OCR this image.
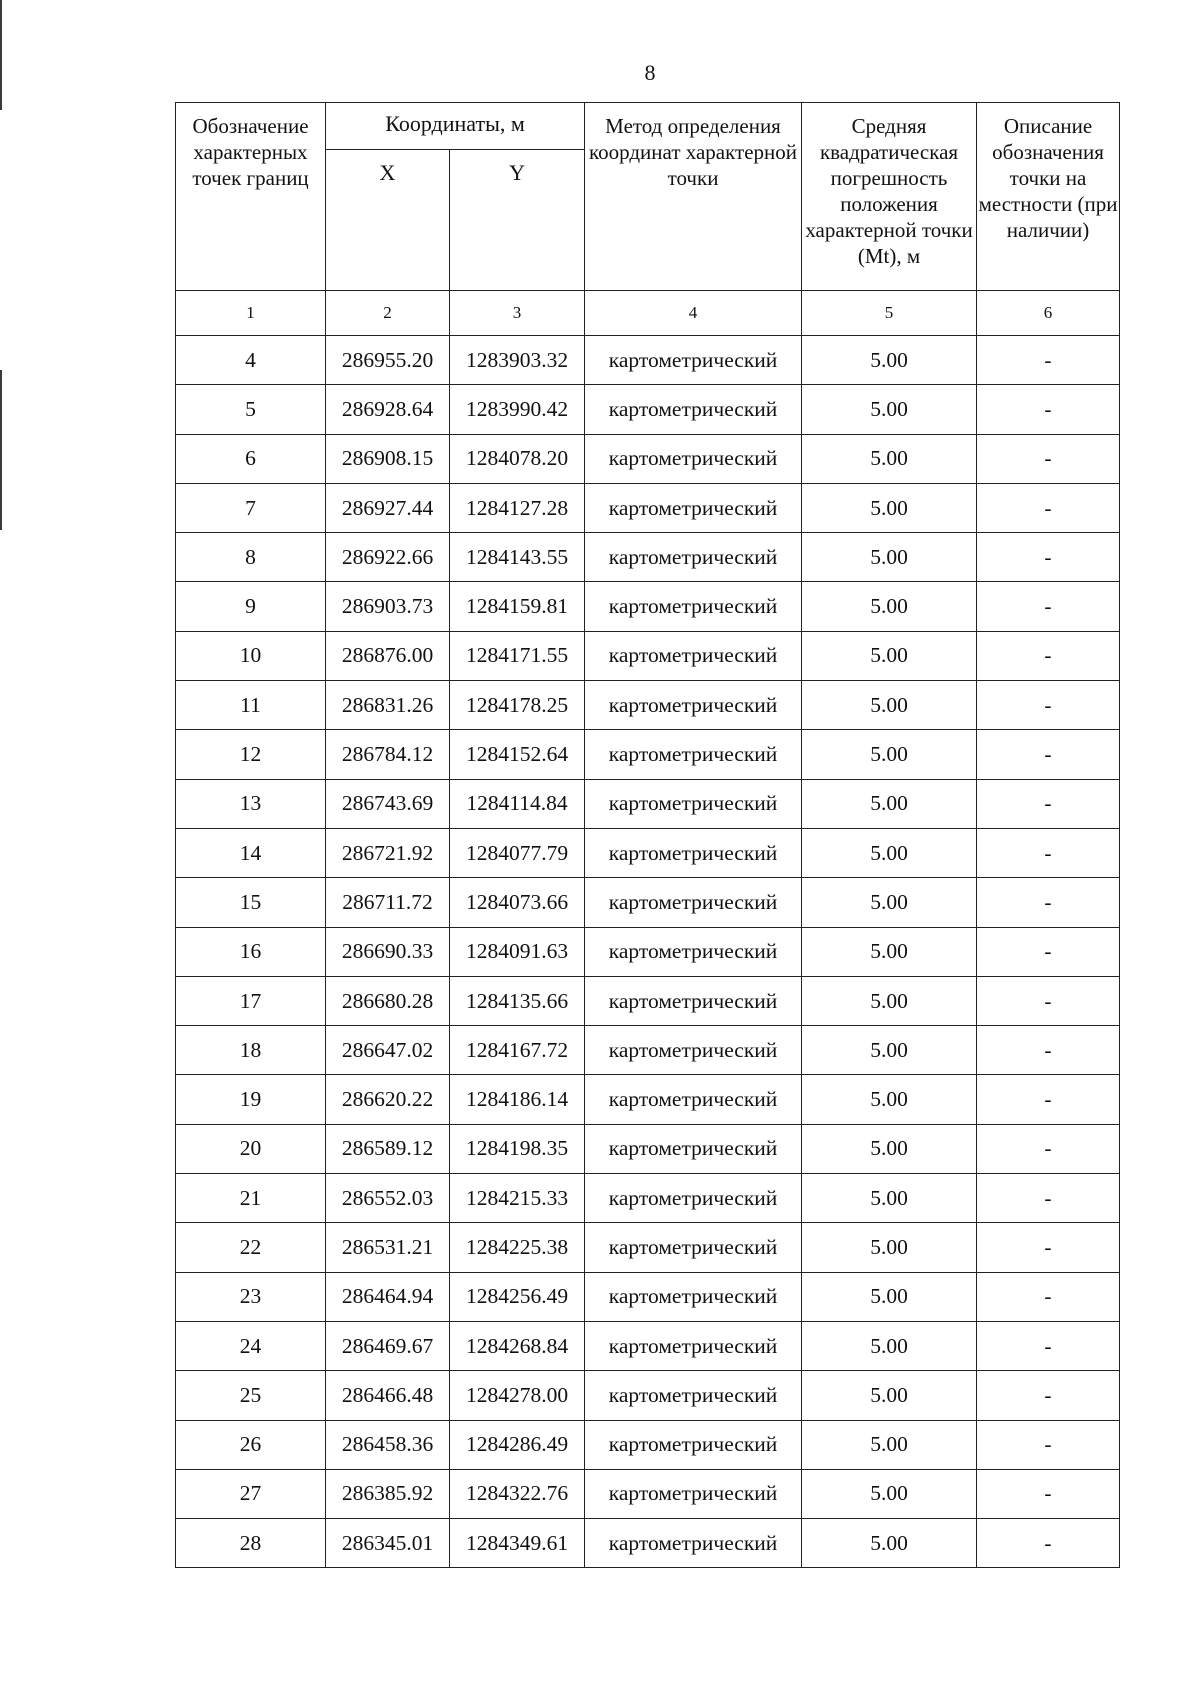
8
Обозначение характерных точек границ	Координаты, м		Метод определения координат характерной точки	Средняя квадратическая погрешность положения характерной точки (Mt), м	Описание обозначения точки на местности (при наличии)
	X	Y			
1	2	3	4	5	6
4	286955.20	1283903.32	картометрический	5.00	-
5	286928.64	1283990.42	картометрический	5.00	-
6	286908.15	1284078.20	картометрический	5.00	-
7	286927.44	1284127.28	картометрический	5.00	-
8	286922.66	1284143.55	картометрический	5.00	-
9	286903.73	1284159.81	картометрический	5.00	-
10	286876.00	1284171.55	картометрический	5.00	-
11	286831.26	1284178.25	картометрический	5.00	-
12	286784.12	1284152.64	картометрический	5.00	-
13	286743.69	1284114.84	картометрический	5.00	-
14	286721.92	1284077.79	картометрический	5.00	-
15	286711.72	1284073.66	картометрический	5.00	-
16	286690.33	1284091.63	картометрический	5.00	-
17	286680.28	1284135.66	картометрический	5.00	-
18	286647.02	1284167.72	картометрический	5.00	-
19	286620.22	1284186.14	картометрический	5.00	-
20	286589.12	1284198.35	картометрический	5.00	-
21	286552.03	1284215.33	картометрический	5.00	-
22	286531.21	1284225.38	картометрический	5.00	-
23	286464.94	1284256.49	картометрический	5.00	-
24	286469.67	1284268.84	картометрический	5.00	-
25	286466.48	1284278.00	картометрический	5.00	-
26	286458.36	1284286.49	картометрический	5.00	-
27	286385.92	1284322.76	картометрический	5.00	-
28	286345.01	1284349.61	картометрический	5.00	-
